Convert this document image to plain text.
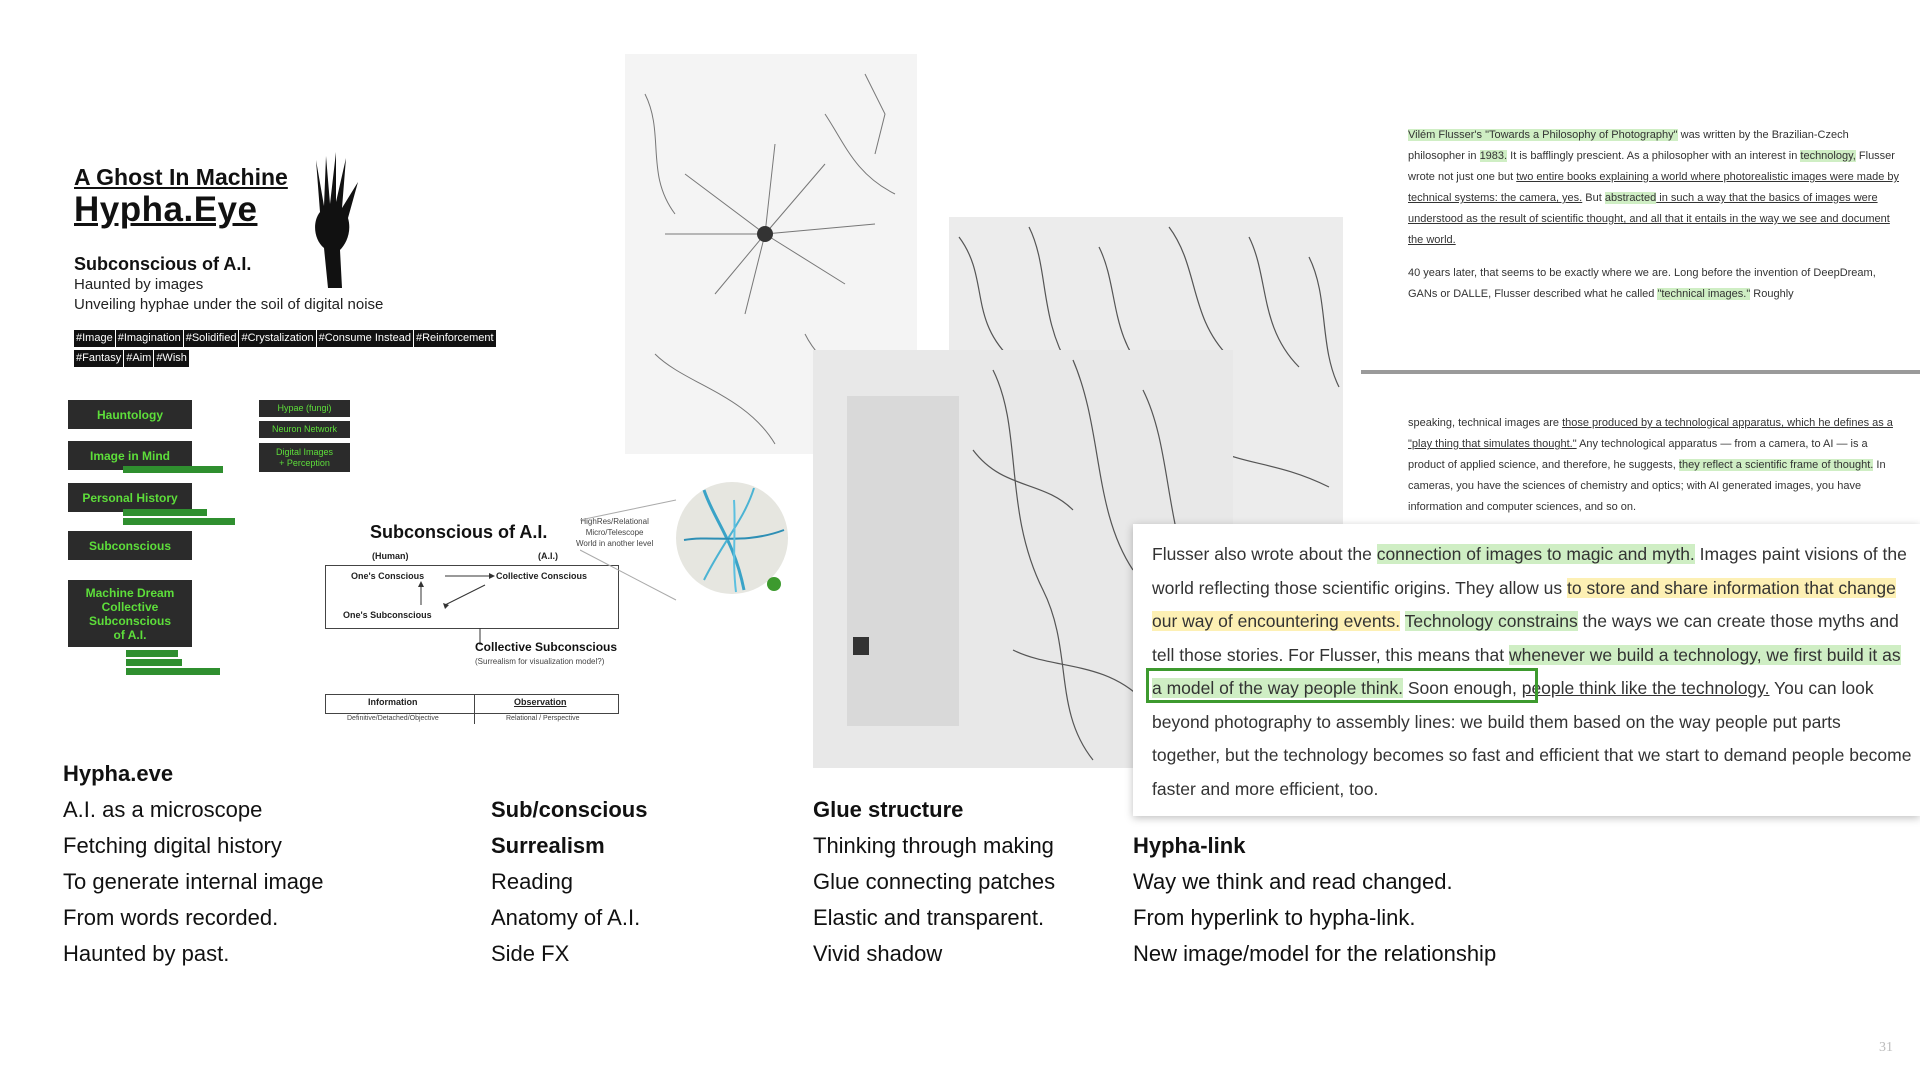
A Ghost In Machine
Hypha.Eye
Subconscious of A.I.
Haunted by images
Unveiling hyphae under the soil of digital noise
#Image #Imagination #Solidified #Crystalization #Consume Instead #Reinforcement
#Fantasy #Aim #Wish
Hauntology
Image in Mind
Personal History
Subconscious
Machine Dream
Collective
Subconscious
of A.I.
Hypae (fungi)
Neuron Network
Digital Images
+ Perception
Subconscious of A.I.
HighRes/Relational
Micro/Telescope
World in another level
(Human)	(A.I.)
One's Conscious	Collective Conscious
One's Subconscious
Collective Subconscious
(Surrealism for visualization model?)
Information	Observation
Definitive/Detached/Objective	Relational / Perspective
Vilém Flusser's "Towards a Philosophy of Photography" was written by the Brazilian-Czech philosopher in 1983. It is bafflingly prescient. As a philosopher with an interest in technology, Flusser wrote not just one but two entire books explaining a world where photorealistic images were made by technical systems: the camera, yes. But abstracted in such a way that the basics of images were understood as the result of scientific thought, and all that it entails in the way we see and document the world.
40 years later, that seems to be exactly where we are. Long before the invention of DeepDream, GANs or DALLE, Flusser described what he called "technical images." Roughly
speaking, technical images are those produced by a technological apparatus, which he defines as a "play thing that simulates thought." Any technological apparatus — from a camera, to AI — is a product of applied science, and therefore, he suggests, they reflect a scientific frame of thought. In cameras, you have the sciences of chemistry and optics; with AI generated images, you have information and computer sciences, and so on.
Flusser also wrote about the connection of images to magic and myth. Images paint visions of the world reflecting those scientific origins. They allow us to store and share information that change our way of encountering events. Technology constrains the ways we can create those myths and tell those stories. For Flusser, this means that whenever we build a technology, we first build it as a model of the way people think. Soon enough, people think like the technology. You can look beyond photography to assembly lines: we build them based on the way people put parts together, but the technology becomes so fast and efficient that we start to demand people become faster and more efficient, too.
Hypha.eve
A.I. as a microscope
Fetching digital history
To generate internal image
From words recorded.
Haunted by past.
Sub/conscious
Surrealism
Reading
Anatomy of A.I.
Side FX
Glue structure
Thinking through making
Glue connecting patches
Elastic and transparent.
Vivid shadow
Hypha-link
Way we think and read changed.
From hyperlink to hypha-link.
New image/model for the relationship
31
